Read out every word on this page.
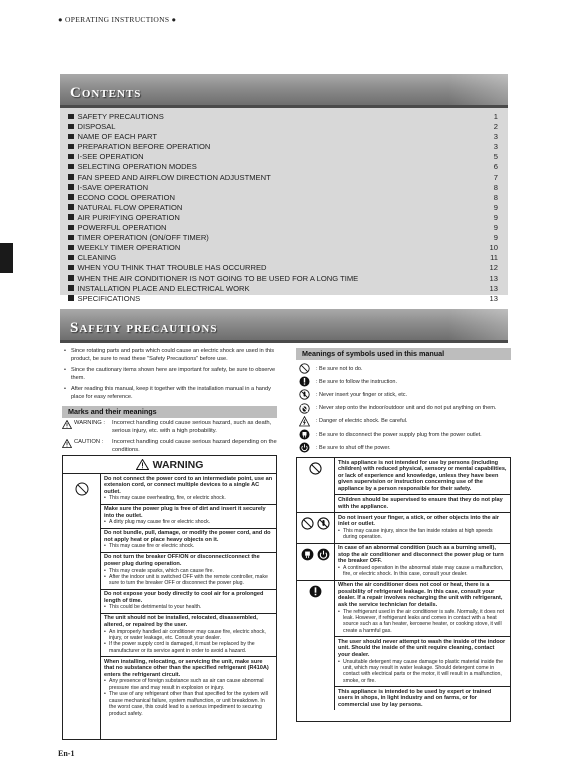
● OPERATING INSTRUCTIONS ●
Contents
SAFETY PRECAUTIONS	1
DISPOSAL	2
NAME OF EACH PART	3
PREPARATION BEFORE OPERATION	3
I-SEE OPERATION	5
SELECTING OPERATION MODES	6
FAN SPEED AND AIRFLOW DIRECTION ADJUSTMENT	7
I-SAVE OPERATION	8
ECONO COOL OPERATION	8
NATURAL FLOW OPERATION	9
AIR PURIFYING OPERATION	9
POWERFUL OPERATION	9
TIMER OPERATION (ON/OFF TIMER)	9
WEEKLY TIMER OPERATION	10
CLEANING	11
WHEN YOU THINK THAT TROUBLE HAS OCCURRED	12
WHEN THE AIR CONDITIONER IS NOT GOING TO BE USED FOR A LONG TIME	13
INSTALLATION PLACE AND ELECTRICAL WORK	13
SPECIFICATIONS	13
Safety precautions
• Since rotating parts and parts which could cause an electric shock are used in this product, be sure to read these "Safety Precautions" before use.
• Since the cautionary items shown here are important for safety, be sure to observe them.
• After reading this manual, keep it together with the installation manual in a handy place for easy reference.
Marks and their meanings
WARNING : Incorrect handling could cause serious hazard, such as death, serious injury, etc. with a high probability.
CAUTION : Incorrect handling could cause serious hazard depending on the conditions.
Meanings of symbols used in this manual
: Be sure not to do.
: Be sure to follow the instruction.
: Never insert your finger or stick, etc.
: Never step onto the indoor/outdoor unit and do not put anything on them.
: Danger of electric shock. Be careful.
: Be sure to disconnect the power supply plug from the power outlet.
: Be sure to shut off the power.
WARNING
Do not connect the power cord to an intermediate point, use an extension cord, or connect multiple devices to a single AC outlet.
• This may cause overheating, fire, or electric shock.
Make sure the power plug is free of dirt and insert it securely into the outlet.
• A dirty plug may cause fire or electric shock.
Do not bundle, pull, damage, or modify the power cord, and do not apply heat or place heavy objects on it.
• This may cause fire or electric shock.
Do not turn the breaker OFF/ON or disconnect/connect the power plug during operation.
• This may create sparks, which can cause fire.
• After the indoor unit is switched OFF with the remote controller, make sure to turn the breaker OFF or disconnect the power plug.
Do not expose your body directly to cool air for a prolonged length of time.
• This could be detrimental to your health.
The unit should not be installed, relocated, disassembled, altered, or repaired by the user.
• An improperly handled air conditioner may cause fire, electric shock, injury, or water leakage, etc. Consult your dealer.
• If the power supply cord is damaged, it must be replaced by the manufacturer or its service agent in order to avoid a hazard.
When installing, relocating, or servicing the unit, make sure that no substance other than the specified refrigerant (R410A) enters the refrigerant circuit.
• Any presence of foreign substance such as air can cause abnormal pressure rise and may result in explosion or injury.
• The use of any refrigerant other than that specified for the system will cause mechanical failure, system malfunction, or unit breakdown. In the worst case, this could lead to a serious impediment to securing product safety.
This appliance is not intended for use by persons (including children) with reduced physical, sensory or mental capabilities, or lack of experience and knowledge, unless they have been given supervision or instruction concerning use of the appliance by a person responsible for their safety.
Children should be supervised to ensure that they do not play with the appliance.
Do not insert your finger, a stick, or other objects into the air inlet or outlet.
• This may cause injury, since the fan inside rotates at high speeds during operation.
In case of an abnormal condition (such as a burning smell), stop the air conditioner and disconnect the power plug or turn the breaker OFF.
• A continued operation in the abnormal state may cause a malfunction, fire, or electric shock. In this case, consult your dealer.
When the air conditioner does not cool or heat, there is a possibility of refrigerant leakage. In this case, consult your dealer. If a repair involves recharging the unit with refrigerant, ask the service technician for details.
• The refrigerant used in the air conditioner is safe. Normally, it does not leak. However, if refrigerant leaks and comes in contact with a heat source such as a fan heater, kerosene heater, or cooking stove, it will create a harmful gas.
The user should never attempt to wash the inside of the indoor unit. Should the inside of the unit require cleaning, contact your dealer.
• Unsuitable detergent may cause damage to plastic material inside the unit, which may result in water leakage. Should detergent come in contact with electrical parts or the motor, it will result in a malfunction, smoke, or fire.
This appliance is intended to be used by expert or trained users in shops, in light industry and on farms, or for commercial use by lay persons.
En-1
